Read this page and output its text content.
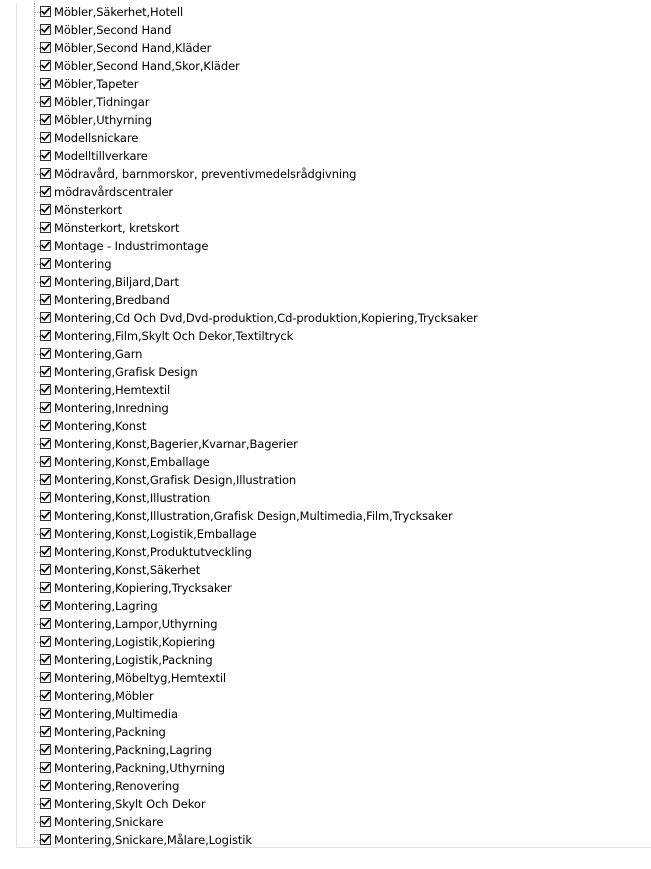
Möbler,Säkerhet,Hotell
Möbler,Second Hand
Möbler,Second Hand,Kläder
Möbler,Second Hand,Skor,Kläder
Möbler,Tapeter
Möbler,Tidningar
Möbler,Uthyrning
Modellsnickare
Modelltillverkare
Mödravård, barnmorskor, preventivmedelsrådgivning
mödravårdscentraler
Mönsterkort
Mönsterkort, kretskort
Montage - Industrimontage
Montering
Montering,Biljard,Dart
Montering,Bredband
Montering,Cd Och Dvd,Dvd-produktion,Cd-produktion,Kopiering,Trycksaker
Montering,Film,Skylt Och Dekor,Textiltryck
Montering,Garn
Montering,Grafisk Design
Montering,Hemtextil
Montering,Inredning
Montering,Konst
Montering,Konst,Bagerier,Kvarnar,Bagerier
Montering,Konst,Emballage
Montering,Konst,Grafisk Design,Illustration
Montering,Konst,Illustration
Montering,Konst,Illustration,Grafisk Design,Multimedia,Film,Trycksaker
Montering,Konst,Logistik,Emballage
Montering,Konst,Produktutveckling
Montering,Konst,Säkerhet
Montering,Kopiering,Trycksaker
Montering,Lagring
Montering,Lampor,Uthyrning
Montering,Logistik,Kopiering
Montering,Logistik,Packning
Montering,Möbeltyg,Hemtextil
Montering,Möbler
Montering,Multimedia
Montering,Packning
Montering,Packning,Lagring
Montering,Packning,Uthyrning
Montering,Renovering
Montering,Skylt Och Dekor
Montering,Snickare
Montering,Snickare,Målare,Logistik
